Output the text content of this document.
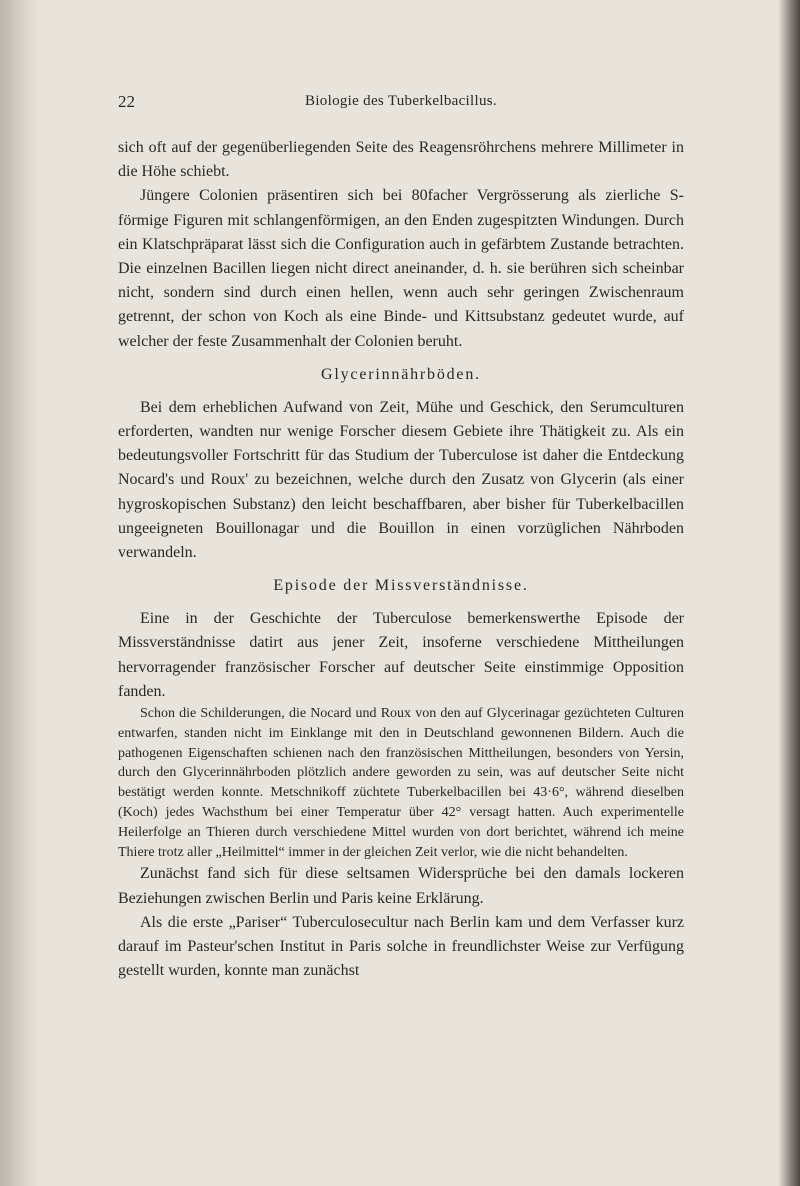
22	Biologie des Tuberkelbacillus.

sich oft auf der gegenüberliegenden Seite des Reagensröhrchens mehrere Millimeter in die Höhe schiebt.

Jüngere Colonien präsentiren sich bei 80facher Vergrösserung als zierliche S-förmige Figuren mit schlangenförmigen, an den Enden zugespitzten Windungen. Durch ein Klatschpräparat lässt sich die Configuration auch in gefärbtem Zustande betrachten. Die einzelnen Bacillen liegen nicht direct aneinander, d. h. sie berühren sich scheinbar nicht, sondern sind durch einen hellen, wenn auch sehr geringen Zwischenraum getrennt, der schon von Koch als eine Binde- und Kittsubstanz gedeutet wurde, auf welcher der feste Zusammenhalt der Colonien beruht.

Glycerinnährböden.

Bei dem erheblichen Aufwand von Zeit, Mühe und Geschick, den Serumculturen erforderten, wandten nur wenige Forscher diesem Gebiete ihre Thätigkeit zu. Als ein bedeutungsvoller Fortschritt für das Studium der Tuberculose ist daher die Entdeckung Nocard's und Roux' zu bezeichnen, welche durch den Zusatz von Glycerin (als einer hygroskopischen Substanz) den leicht beschaffbaren, aber bisher für Tuberkelbacillen ungeeigneten Bouillonagar und die Bouillon in einen vorzüglichen Nährboden verwandeln.

Episode der Missverständnisse.

Eine in der Geschichte der Tuberculose bemerkenswerthe Episode der Missverständnisse datirt aus jener Zeit, insoferne verschiedene Mittheilungen hervorragender französischer Forscher auf deutscher Seite einstimmige Opposition fanden.

Schon die Schilderungen, die Nocard und Roux von den auf Glycerinagar gezüchteten Culturen entwarfen, standen nicht im Einklange mit den in Deutschland gewonnenen Bildern. Auch die pathogenen Eigenschaften schienen nach den französischen Mittheilungen, besonders von Yersin, durch den Glycerinnährboden plötzlich andere geworden zu sein, was auf deutscher Seite nicht bestätigt werden konnte. Metschnikoff züchtete Tuberkelbacillen bei 43·6°, während dieselben (Koch) jedes Wachsthum bei einer Temperatur über 42° versagt hatten. Auch experimentelle Heilerfolge an Thieren durch verschiedene Mittel wurden von dort berichtet, während ich meine Thiere trotz aller „Heilmittel“ immer in der gleichen Zeit verlor, wie die nicht behandelten.

Zunächst fand sich für diese seltsamen Widersprüche bei den damals lockeren Beziehungen zwischen Berlin und Paris keine Erklärung.

Als die erste „Pariser“ Tuberculosecultur nach Berlin kam und dem Verfasser kurz darauf im Pasteur'schen Institut in Paris solche in freundlichster Weise zur Verfügung gestellt wurden, konnte man zunächst
